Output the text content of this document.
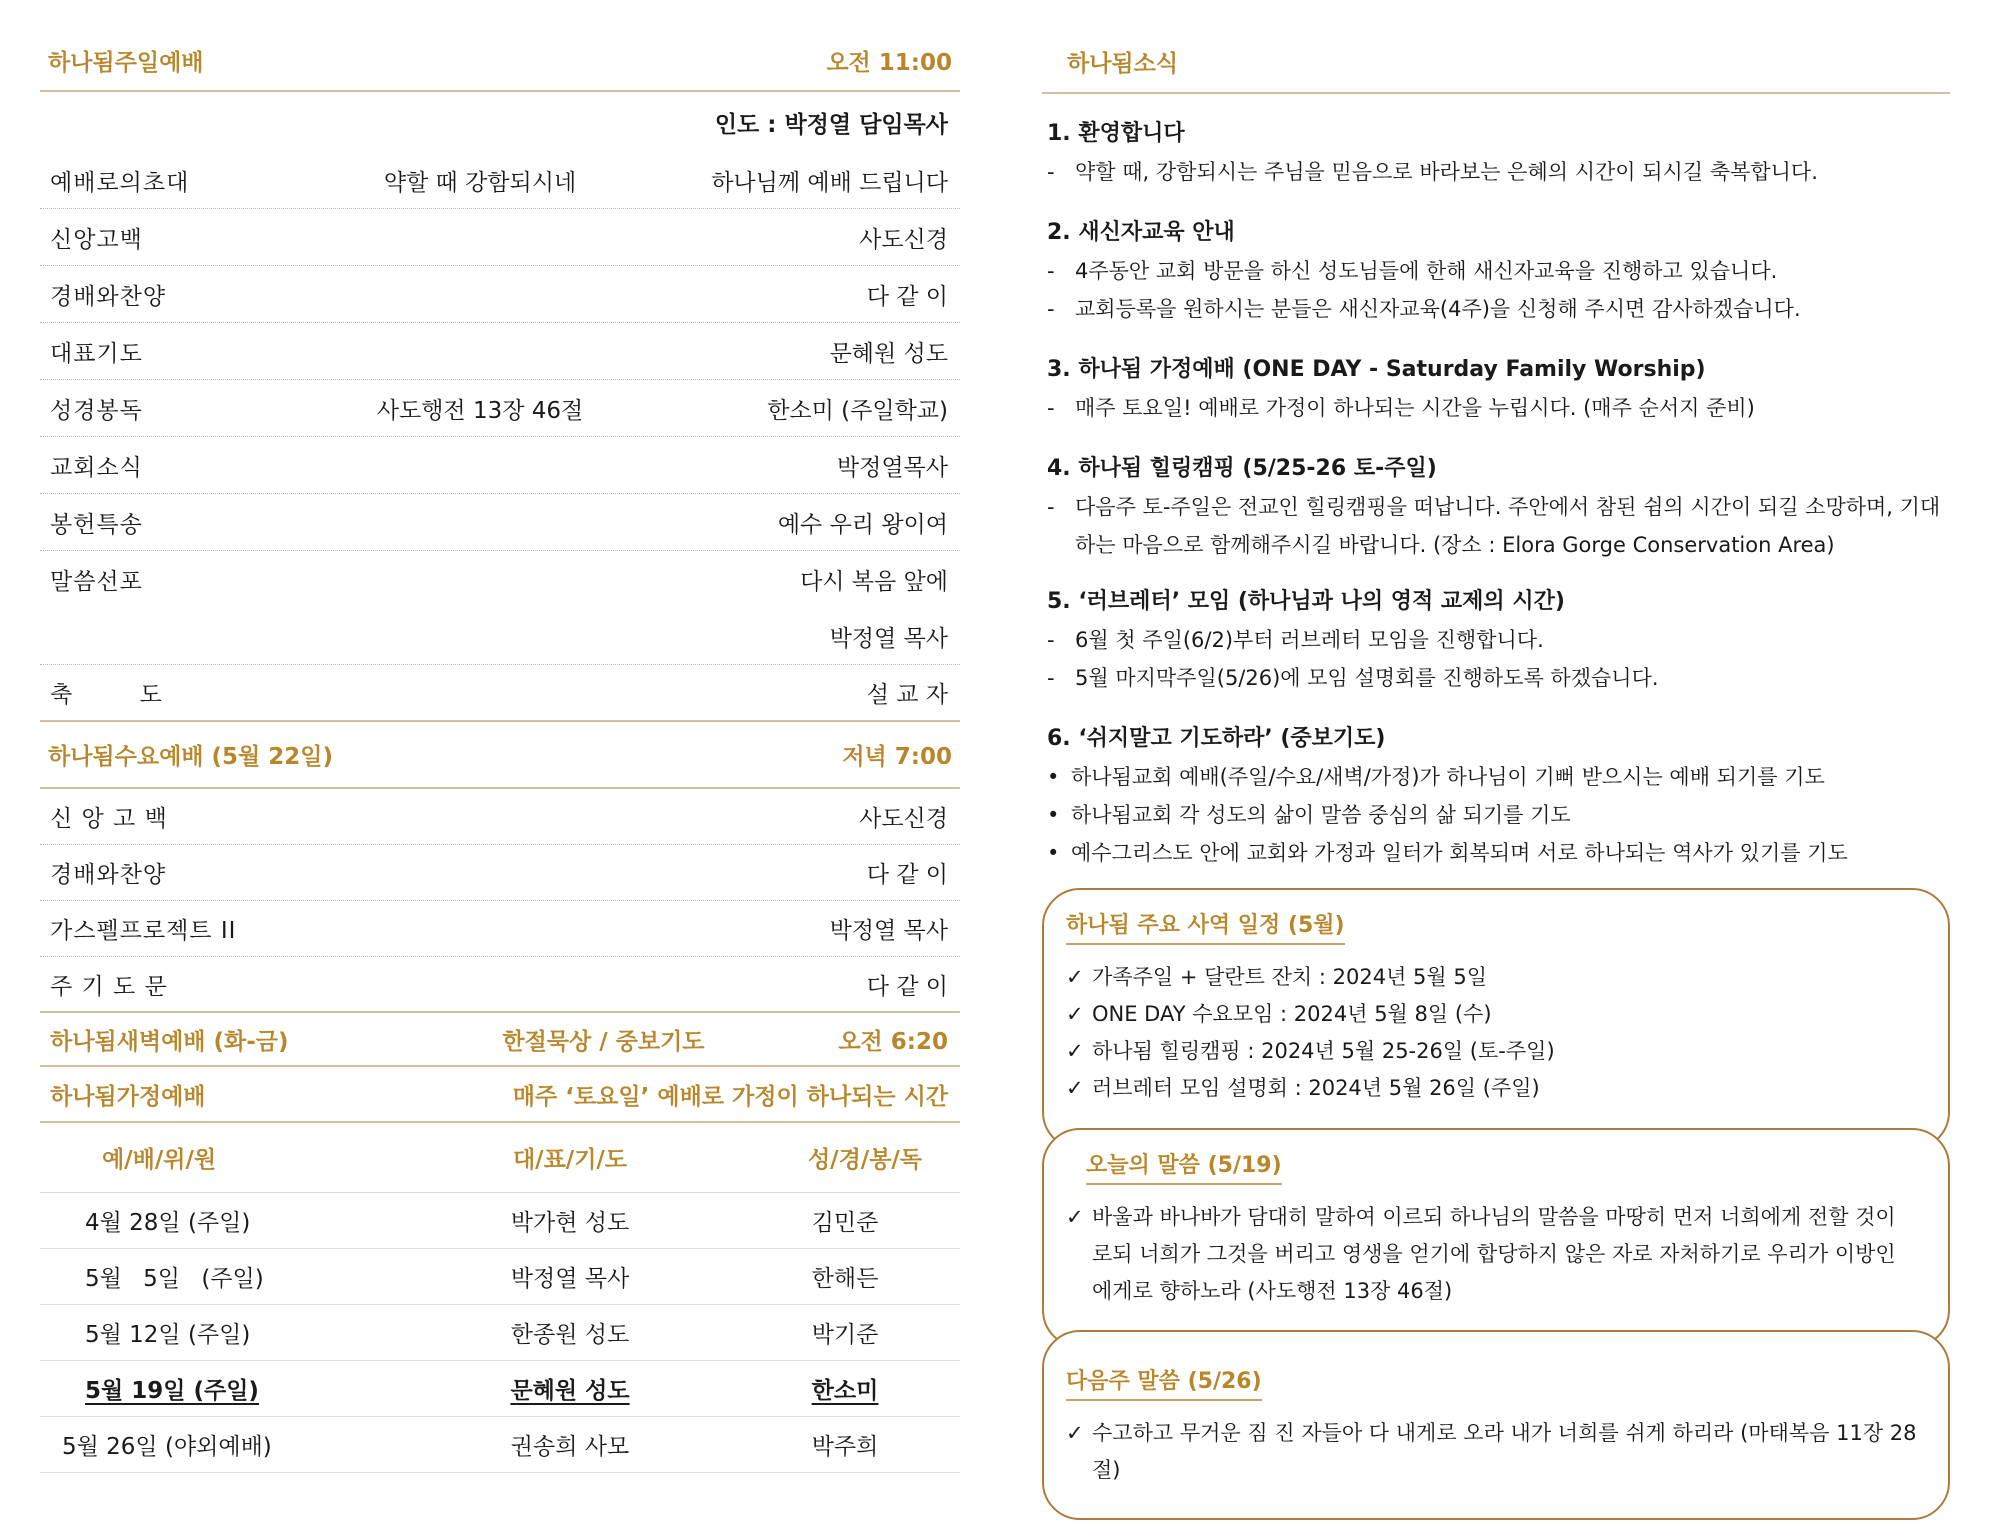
하나됨주일예배	오전 11:00
인도 : 박정열 담임목사
예배로의초대	약할 때 강함되시네	하나님께 예배 드립니다
신앙고백	사도신경
경배와찬양	다 같 이
대표기도	문혜원 성도
성경봉독	사도행전 13장 46절	한소미 (주일학교)
교회소식	박정열목사
봉헌특송	예수 우리 왕이여
말씀선포	다시 복음 앞에
박정열 목사
축 도	설 교 자
하나됨수요예배 (5월 22일)	저녁 7:00
신 앙 고 백	사도신경
경배와찬양	다 같 이
가스펠프로젝트 II	박정열 목사
주 기 도 문	다 같 이
하나됨새벽예배 (화-금)	한절묵상 / 중보기도	오전 6:20
하나됨가정예배	매주 ‘토요일’ 예배로 가정이 하나되는 시간
예/배/위/원	대/표/기/도	성/경/봉/독
4월 28일 (주일)	박가현 성도	김민준
5월 5일 (주일)	박정열 목사	한해든
5월 12일 (주일)	한종원 성도	박기준
5월 19일 (주일)	문혜원 성도	한소미
5월 26일 (야외예배)	권송희 사모	박주희
하나됨소식
1. 환영합니다
- 약할 때, 강함되시는 주님을 믿음으로 바라보는 은혜의 시간이 되시길 축복합니다.
2. 새신자교육 안내
- 4주동안 교회 방문을 하신 성도님들에 한해 새신자교육을 진행하고 있습니다.
- 교회등록을 원하시는 분들은 새신자교육(4주)을 신청해 주시면 감사하겠습니다.
3. 하나됨 가정예배 (ONE DAY - Saturday Family Worship)
- 매주 토요일! 예배로 가정이 하나되는 시간을 누립시다. (매주 순서지 준비)
4. 하나됨 힐링캠핑 (5/25-26 토-주일)
- 다음주 토-주일은 전교인 힐링캠핑을 떠납니다. 주안에서 참된 쉼의 시간이 되길 소망하며, 기대하는 마음으로 함께해주시길 바랍니다. (장소 : Elora Gorge Conservation Area)
5. ‘러브레터’ 모임 (하나님과 나의 영적 교제의 시간)
- 6월 첫 주일(6/2)부터 러브레터 모임을 진행합니다.
- 5월 마지막주일(5/26)에 모임 설명회를 진행하도록 하겠습니다.
6. ‘쉬지말고 기도하라’ (중보기도)
• 하나됨교회 예배(주일/수요/새벽/가정)가 하나님이 기뻐 받으시는 예배 되기를 기도
• 하나됨교회 각 성도의 삶이 말씀 중심의 삶 되기를 기도
• 예수그리스도 안에 교회와 가정과 일터가 회복되며 서로 하나되는 역사가 있기를 기도
하나됨 주요 사역 일정 (5월)
✓ 가족주일 + 달란트 잔치 : 2024년 5월 5일
✓ ONE DAY 수요모임 : 2024년 5월 8일 (수)
✓ 하나됨 힐링캠핑 : 2024년 5월 25-26일 (토-주일)
✓ 러브레터 모임 설명회 : 2024년 5월 26일 (주일)
오늘의 말씀 (5/19)
✓ 바울과 바나바가 담대히 말하여 이르되 하나님의 말씀을 마땅히 먼저 너희에게 전할 것이로되 너희가 그것을 버리고 영생을 얻기에 합당하지 않은 자로 자처하기로 우리가 이방인에게로 향하노라 (사도행전 13장 46절)
다음주 말씀 (5/26)
✓ 수고하고 무거운 짐 진 자들아 다 내게로 오라 내가 너희를 쉬게 하리라 (마태복음 11장 28절)
